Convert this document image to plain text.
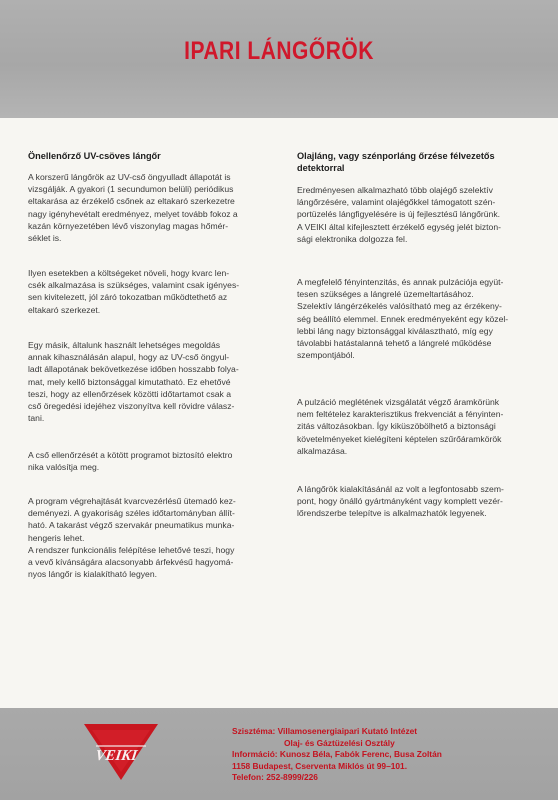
IPARI LÁNGŐRÖK
Önellenőrző UV-csöves lángőr
A korszerű lángőrök az UV-cső öngyulladt állapotát is
vizsgálják. A gyakori (1 secundumon belüli) periódikus
eltakarása az érzékelő csőnek az eltakaró szerkezetre
nagy igényhevétalt eredményez, melyet tovább fokoz a
kazán környezetében lévő viszonylag magas hőmér-
séklet is.
Ilyen esetekben a költségeket növeli, hogy kvarc len-
csék alkalmazása is szükséges, valamint csak igényes-
sen kivitelezett, jól záró tokozatban működtethető az
eltakaró szerkezet.
Egy másik, általunk használt lehetséges megoldás
annak kihasználásán alapul, hogy az UV-cső öngyul-
ladt állapotának bekövetkezése időben hosszabb folya-
mat, mely kellő biztonsággal kimutatható. Ez ehetővé
teszi, hogy az ellenőrzések közötti időtartamot csak a
cső öregedési idejéhez viszonyítva kell rövidre válasz-
tani.
A cső ellenőrzését a kötött programot biztosító elektro
nika valósítja meg.
A program végrehajtását kvarcvezérlésű ütemadó kez-
deményezi. A gyakoriság széles időtartományban állít-
ható. A takarást végző szervakár pneumatikus munka-
hengeris lehet.
A rendszer funkcionális felépítése lehetővé teszi, hogy
a vevő kívánságára alacsonyabb árfekvésű hagyomá-
nyos lángőr is kialakítható legyen.
Olajláng, vagy szénporláng őrzése félvezetős
detektorral
Eredményesen alkalmazható több olajégő szelektív
lángőrzésére, valamint olajégőkkel támogatott szén-
portüzelés lángfigyelésére is új fejlesztésű lángőrünk.
A VEIKI által kifejlesztett érzékelő egység jelét bizton-
sági elektronika dolgozza fel.
A megfelelő fényintenzitás, és annak pulzációja együt-
tesen szükséges a lángrelé üzemeltartásához.
Szelektív lángérzékelés valósítható meg az érzékeny-
ség beállító elemmel. Ennek eredményeként egy közel-
lebbi láng nagy biztonsággal kiválasztható, míg egy
távolabbi hatástalanná tehető a lángrelé működése
szempontjából.
A pulzáció meglétének vizsgálatát végző áramkörünk
nem feltételez karakterisztikus frekvenciát a fényinten-
zitás változásokban. Így kiküszöbölhető a biztonsági
követelményeket kielégíteni képtelen szűrőáramkörök
alkalmazása.
A lángőrök kialakításánál az volt a legfontosabb szem-
pont, hogy önálló gyártmányként vagy komplett vezér-
lőrendszerbe telepítve is alkalmazhatók legyenek.
VEIKI
Szisztéma: Villamosenergiaipari Kutató Intézet
Olaj- és Gáztüzelési Osztály
Információ: Kunosz Béla, Fabók Ferenc, Busa Zoltán
1158 Budapest, Cserventa Miklós út 99–101.
Telefon: 252-8999/226
